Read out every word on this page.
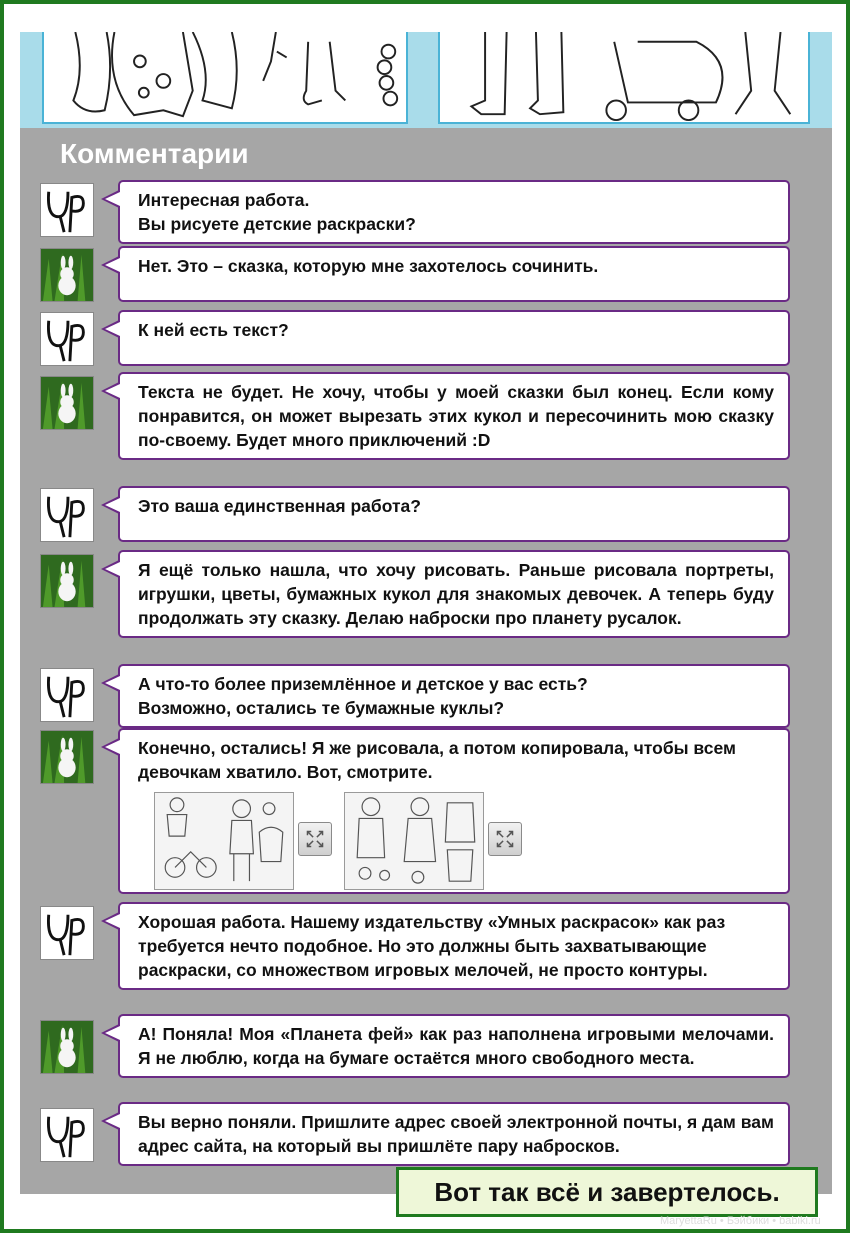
Комментарии
Интересная работа.
Вы рисуете детские раскраски?
Нет. Это – сказка, которую мне захотелось сочинить.
К ней есть текст?
Текста не будет. Не хочу, чтобы у моей сказки был конец. Если кому понравится, он может вырезать этих кукол и пересочинить мою сказку по-своему. Будет много приключений :D
Это ваша единственная работа?
Я ещё только нашла, что хочу рисовать. Раньше рисовала портреты, игрушки, цветы, бумажных кукол для знакомых девочек. А теперь буду продолжать эту сказку. Делаю наброски про планету русалок.
А что-то более приземлённое и детское у вас есть?
Возможно, остались те бумажные куклы?
Конечно, остались! Я же рисовала, а потом копировала, чтобы всем девочкам хватило. Вот, смотрите.
Хорошая работа. Нашему издательству «Умных раскрасок» как раз требуется нечто подобное. Но это должны быть захватывающие раскраски, со множеством игровых мелочей, не просто контуры.
А! Поняла! Моя «Планета фей» как раз наполнена игровыми мелочами. Я не люблю, когда на бумаге остаётся много свободного места.
Вы верно поняли. Пришлите адрес своей электронной почты, я дам вам адрес сайта, на который вы пришлёте пару набросков.
Вот так всё и завертелось.
MaryettaRu • Бэйбики • babiki.ru
